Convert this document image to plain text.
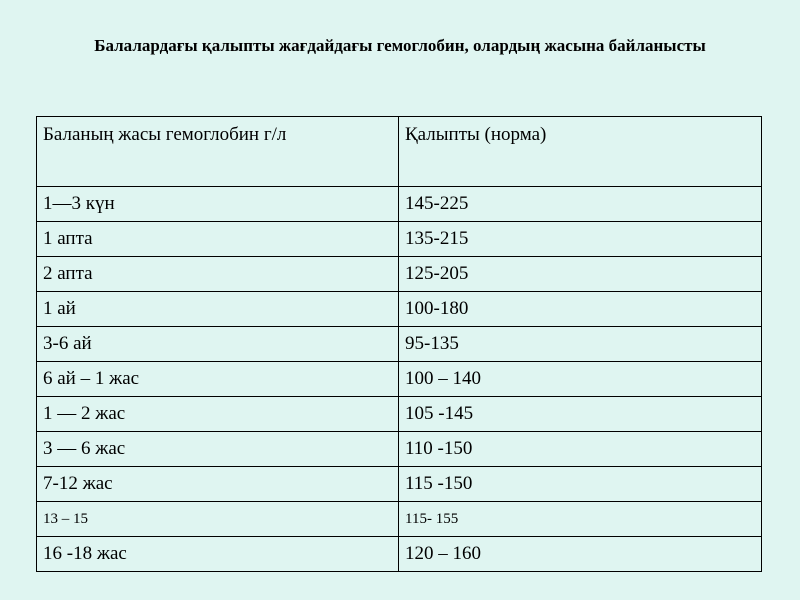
Балалардағы қалыпты жағдайдағы гемоглобин, олардың жасына байланысты
Баланың жасы гемоглобин г/л	Қалыпты (норма)
1—3 күн	145-225
1 апта	135-215
2 апта	125-205
1 ай	100-180
3-6 ай	95-135
6 ай – 1 жас	100 – 140
1 — 2 жас	105 -145
3 — 6 жас	110 -150
7-12 жас	115 -150
13 – 15	115- 155
16 -18 жас	120 – 160
